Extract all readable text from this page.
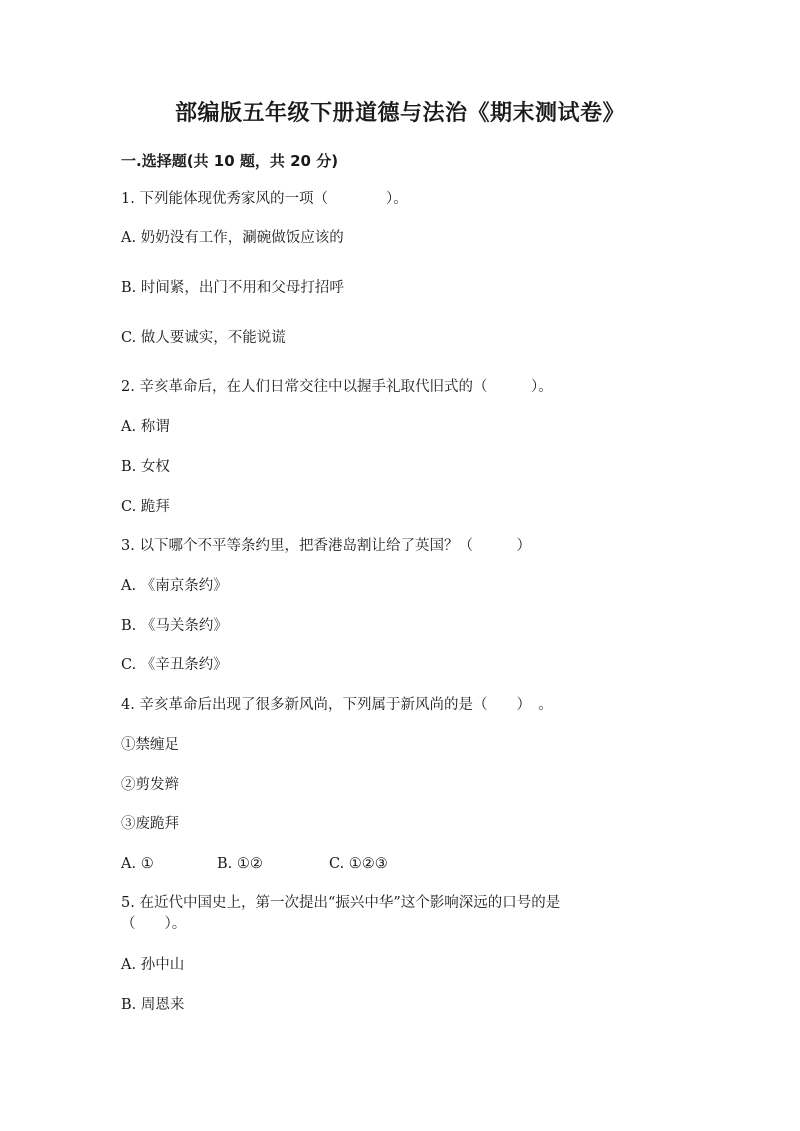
部编版五年级下册道德与法治《期末测试卷》
一.选择题(共 10 题，共 20 分)
1. 下列能体现优秀家风的一项（　　　　）。
A. 奶奶没有工作，涮碗做饭应该的
B. 时间紧，出门不用和父母打招呼
C. 做人要诚实，不能说谎
2. 辛亥革命后，在人们日常交往中以握手礼取代旧式的（　　　）。
A. 称谓
B. 女权
C. 跪拜
3. 以下哪个不平等条约里，把香港岛割让给了英国？（　　　）
A. 《南京条约》
B. 《马关条约》
C. 《辛丑条约》
4. 辛亥革命后出现了很多新风尚，下列属于新风尚的是（　　）　。
①禁缠足
②剪发辫
③废跪拜
A. ①	B. ①②	C. ①②③
5. 在近代中国史上，第一次提出“振兴中华”这个影响深远的口号的是
（　　）。
A. 孙中山
B. 周恩来
